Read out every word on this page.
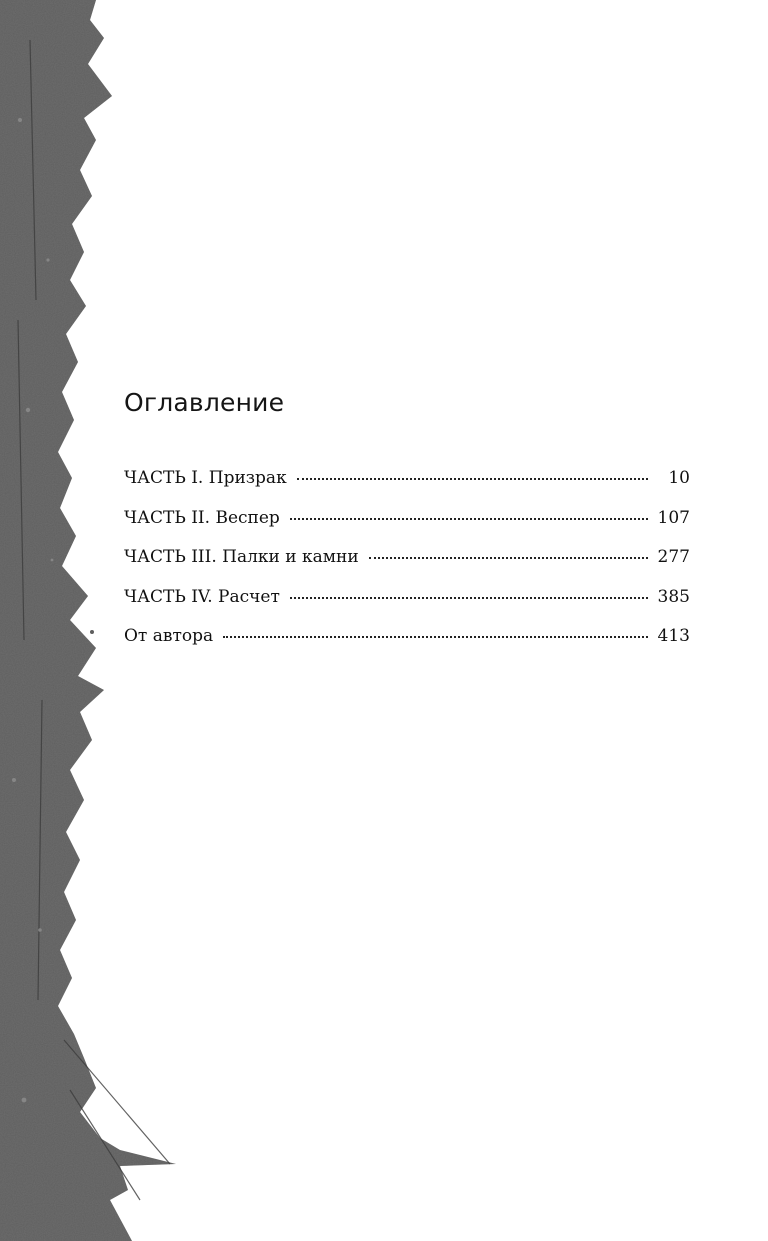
Оглавление
ЧАСТЬ I. Призрак	10
ЧАСТЬ II. Веспер	107
ЧАСТЬ III. Палки и камни	277
ЧАСТЬ IV. Расчет	385
От автора	413
